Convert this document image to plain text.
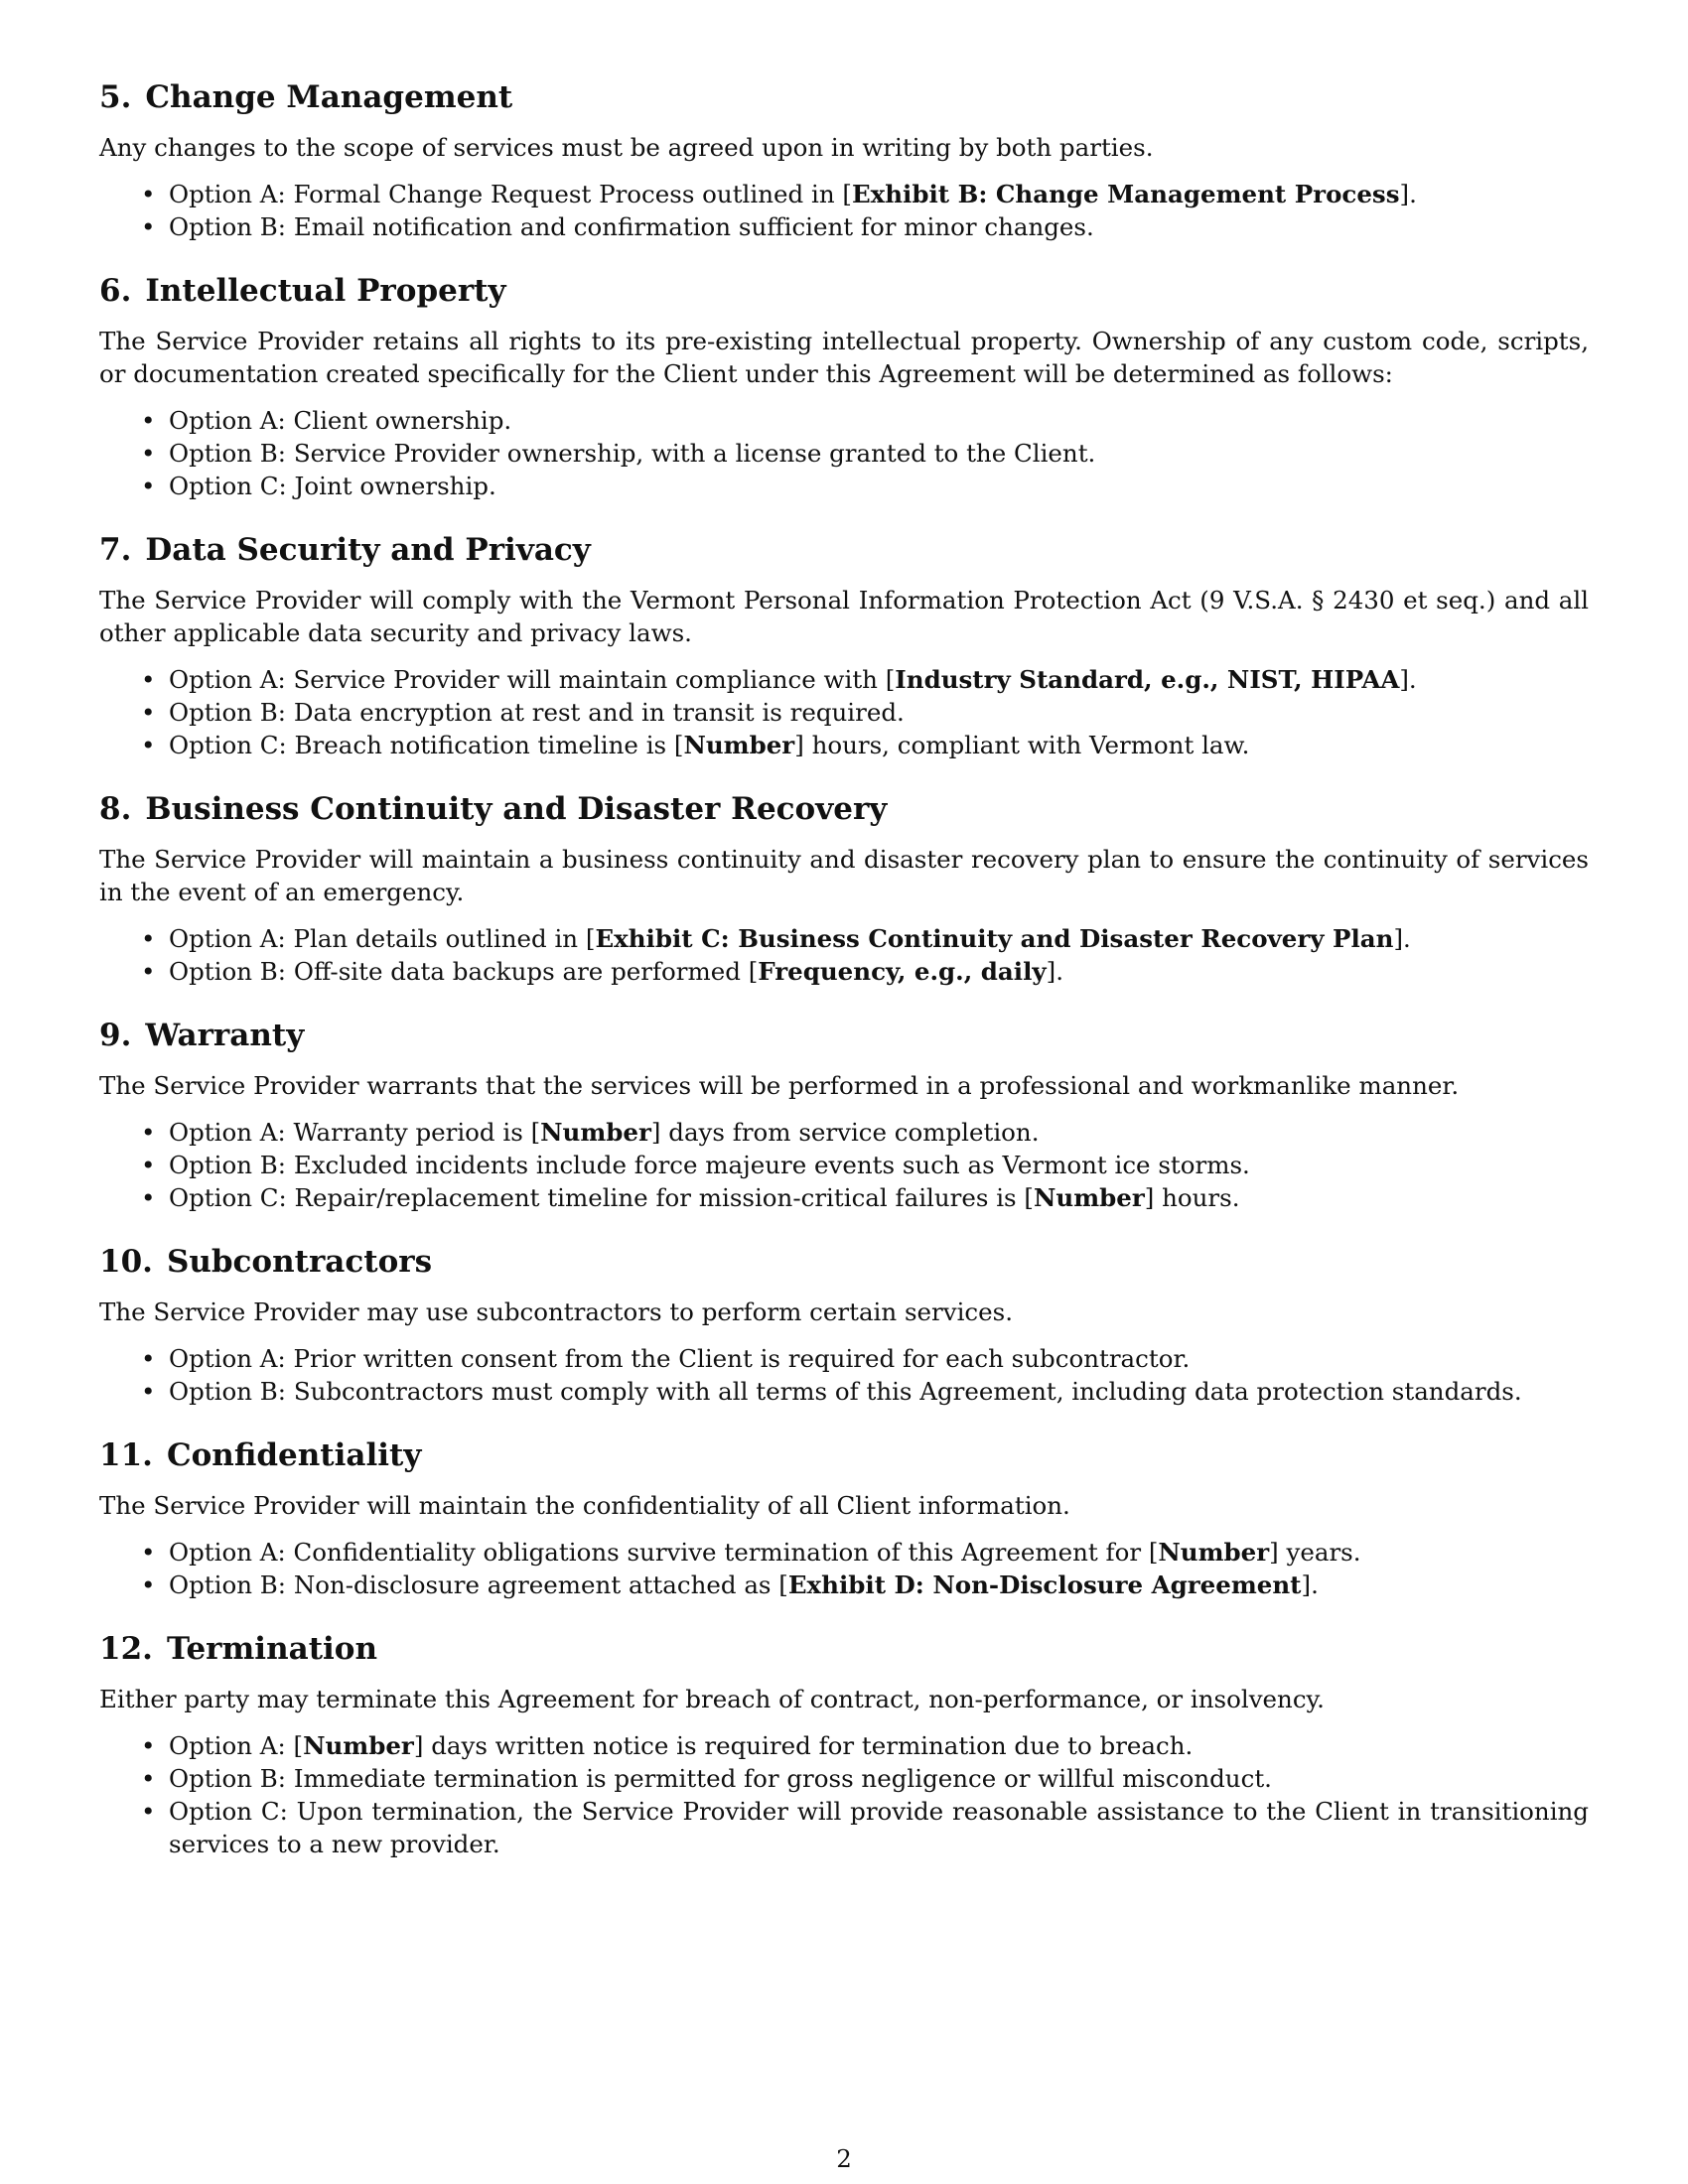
5. Change Management

Any changes to the scope of services must be agreed upon in writing by both parties.

• Option A: Formal Change Request Process outlined in [Exhibit B: Change Management Process].
• Option B: Email notification and confirmation sufficient for minor changes.
6. Intellectual Property

The Service Provider retains all rights to its pre-existing intellectual property. Ownership of any custom code, scripts, or documentation created specifically for the Client under this Agreement will be determined as follows:

• Option A: Client ownership.
• Option B: Service Provider ownership, with a license granted to the Client.
• Option C: Joint ownership.
7. Data Security and Privacy

The Service Provider will comply with the Vermont Personal Information Protection Act (9 V.S.A. § 2430 et seq.) and all other applicable data security and privacy laws.

• Option A: Service Provider will maintain compliance with [Industry Standard, e.g., NIST, HIPAA].
• Option B: Data encryption at rest and in transit is required.
• Option C: Breach notification timeline is [Number] hours, compliant with Vermont law.
8. Business Continuity and Disaster Recovery

The Service Provider will maintain a business continuity and disaster recovery plan to ensure the continuity of services in the event of an emergency.

• Option A: Plan details outlined in [Exhibit C: Business Continuity and Disaster Recovery Plan].
• Option B: Off-site data backups are performed [Frequency, e.g., daily].
9. Warranty

The Service Provider warrants that the services will be performed in a professional and workmanlike manner.

• Option A: Warranty period is [Number] days from service completion.
• Option B: Excluded incidents include force majeure events such as Vermont ice storms.
• Option C: Repair/replacement timeline for mission-critical failures is [Number] hours.
10. Subcontractors

The Service Provider may use subcontractors to perform certain services.

• Option A: Prior written consent from the Client is required for each subcontractor.
• Option B: Subcontractors must comply with all terms of this Agreement, including data protection standards.
11. Confidentiality

The Service Provider will maintain the confidentiality of all Client information.

• Option A: Confidentiality obligations survive termination of this Agreement for [Number] years.
• Option B: Non-disclosure agreement attached as [Exhibit D: Non-Disclosure Agreement].
12. Termination

Either party may terminate this Agreement for breach of contract, non-performance, or insolvency.

• Option A: [Number] days written notice is required for termination due to breach.
• Option B: Immediate termination is permitted for gross negligence or willful misconduct.
• Option C: Upon termination, the Service Provider will provide reasonable assistance to the Client in transitioning services to a new provider.
2
